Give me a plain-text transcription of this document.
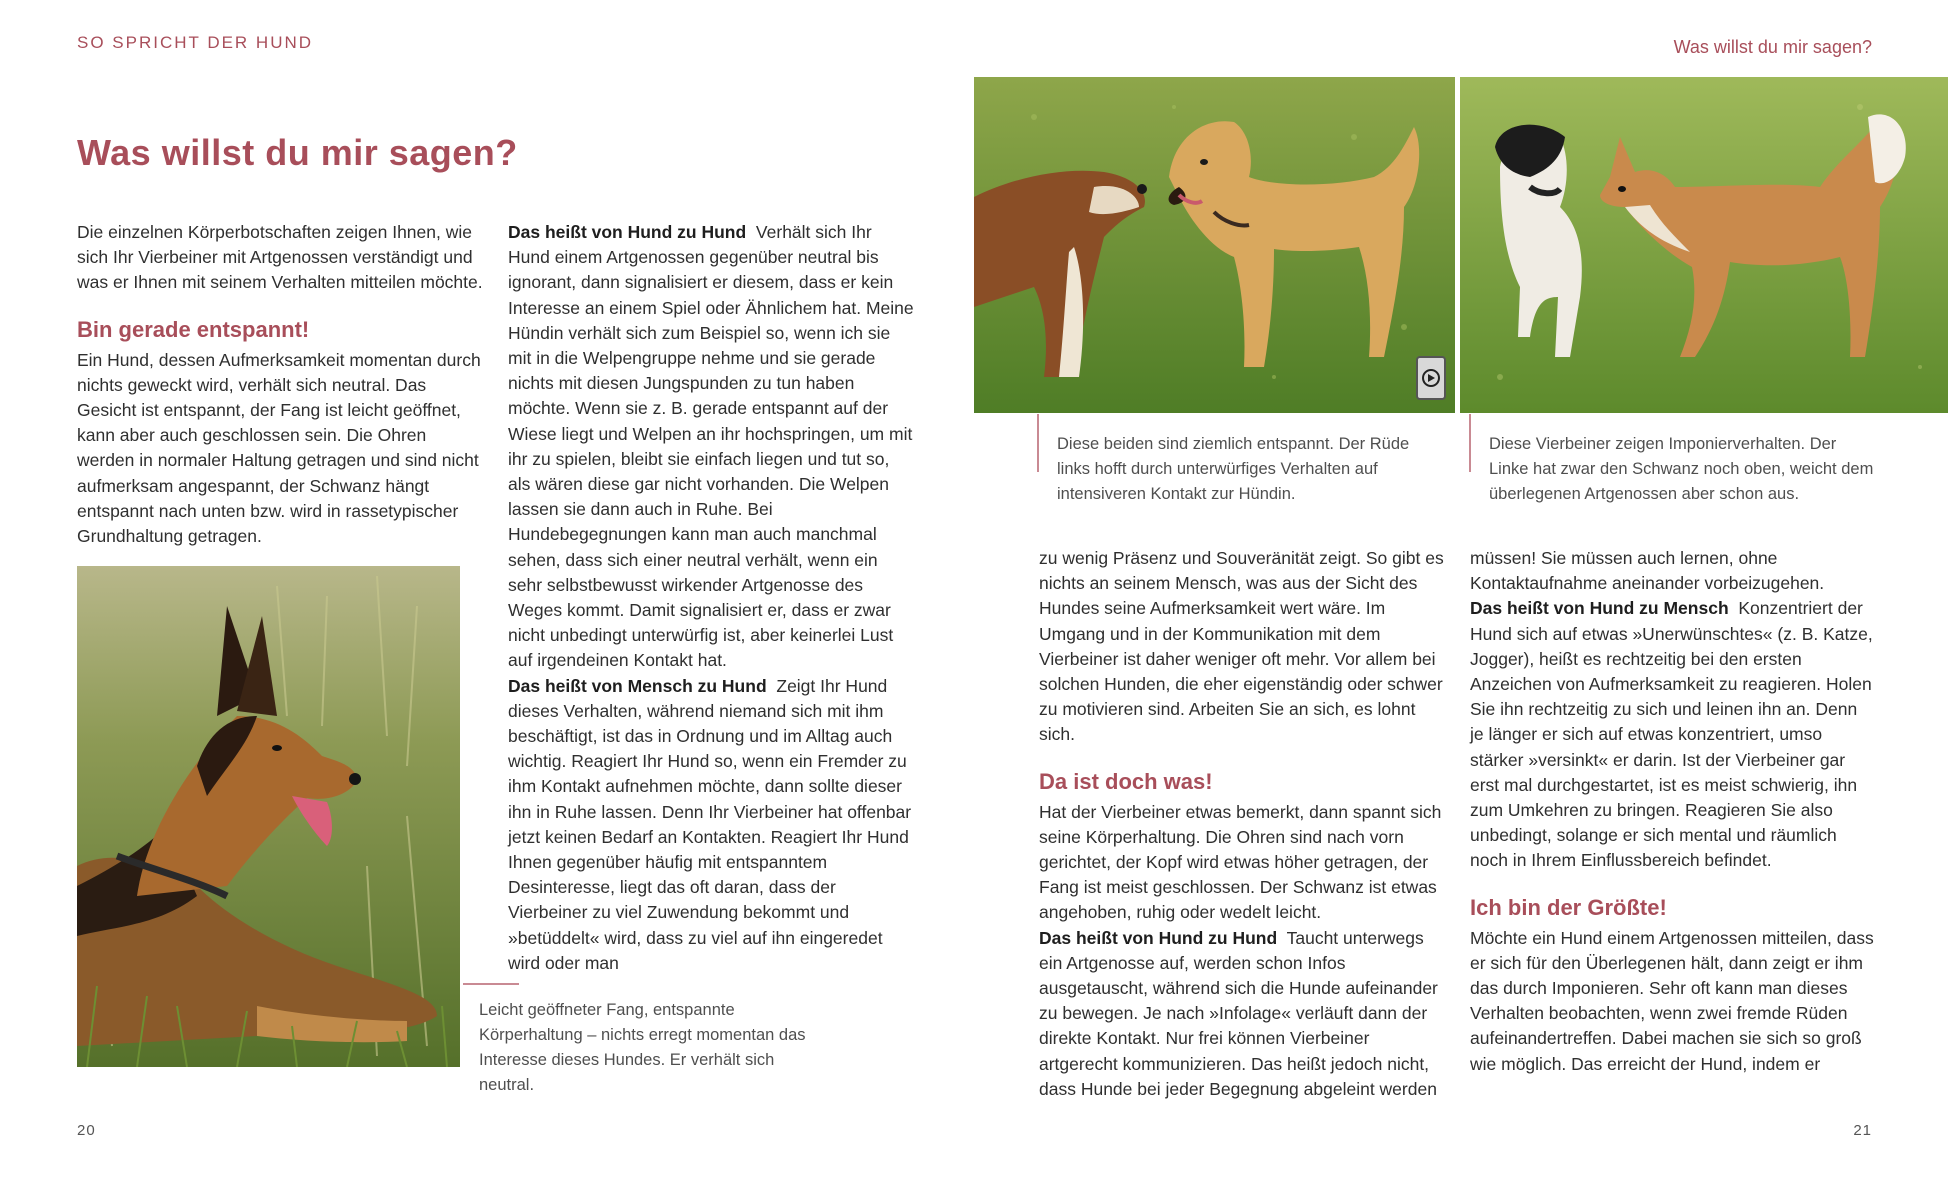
SO SPRICHT DER HUND
Was willst du mir sagen?

Die einzelnen Körperbotschaften zeigen Ihnen, wie sich Ihr Vierbeiner mit Artgenossen verständigt und was er Ihnen mit seinem Verhalten mitteilen möchte.

Bin gerade entspannt!

Ein Hund, dessen Aufmerksamkeit momentan durch nichts geweckt wird, verhält sich neutral. Das Gesicht ist entspannt, der Fang ist leicht geöffnet, kann aber auch geschlossen sein. Die Ohren werden in normaler Haltung getragen und sind nicht aufmerksam angespannt, der Schwanz hängt entspannt nach unten bzw. wird in rassetypischer Grundhaltung getragen.

Leicht geöffneter Fang, entspannte Körperhaltung – nichts erregt momentan das Interesse dieses Hundes. Er verhält sich neutral.

Das heißt von Hund zu Hund Verhält sich Ihr Hund einem Artgenossen gegenüber neutral bis ignorant, dann signalisiert er diesem, dass er kein Interesse an einem Spiel oder Ähnlichem hat. Meine Hündin verhält sich zum Beispiel so, wenn ich sie mit in die Welpengruppe nehme und sie gerade nichts mit diesen Jungspunden zu tun haben möchte. Wenn sie z. B. gerade entspannt auf der Wiese liegt und Welpen an ihr hochspringen, um mit ihr zu spielen, bleibt sie einfach liegen und tut so, als wären diese gar nicht vorhanden. Die Welpen lassen sie dann auch in Ruhe. Bei Hundebegegnungen kann man auch manchmal sehen, dass sich einer neutral verhält, wenn ein sehr selbstbewusst wirkender Artgenosse des Weges kommt. Damit signalisiert er, dass er zwar nicht unbedingt unterwürfig ist, aber keinerlei Lust auf irgendeinen Kontakt hat.

Das heißt von Mensch zu Hund Zeigt Ihr Hund dieses Verhalten, während niemand sich mit ihm beschäftigt, ist das in Ordnung und im Alltag auch wichtig. Reagiert Ihr Hund so, wenn ein Fremder zu ihm Kontakt aufnehmen möchte, dann sollte dieser ihn in Ruhe lassen. Denn Ihr Vierbeiner hat offenbar jetzt keinen Bedarf an Kontakten. Reagiert Ihr Hund Ihnen gegenüber häufig mit entspanntem Desinteresse, liegt das oft daran, dass der Vierbeiner zu viel Zuwendung bekommt und »betüddelt« wird, dass zu viel auf ihn eingeredet wird oder man

20
Was willst du mir sagen?
Diese beiden sind ziemlich entspannt. Der Rüde links hofft durch unterwürfiges Verhalten auf intensiveren Kontakt zur Hündin.
Diese Vierbeiner zeigen Imponierverhalten. Der Linke hat zwar den Schwanz noch oben, weicht dem überlegenen Artgenossen aber schon aus.

zu wenig Präsenz und Souveränität zeigt. So gibt es nichts an seinem Mensch, was aus der Sicht des Hundes seine Aufmerksamkeit wert wäre. Im Umgang und in der Kommunikation mit dem Vierbeiner ist daher weniger oft mehr. Vor allem bei solchen Hunden, die eher eigenständig oder schwer zu motivieren sind. Arbeiten Sie an sich, es lohnt sich.

Da ist doch was!

Hat der Vierbeiner etwas bemerkt, dann spannt sich seine Körperhaltung. Die Ohren sind nach vorn gerichtet, der Kopf wird etwas höher getragen, der Fang ist meist geschlossen. Der Schwanz ist etwas angehoben, ruhig oder wedelt leicht.

Das heißt von Hund zu Hund Taucht unterwegs ein Artgenosse auf, werden schon Infos ausgetauscht, während sich die Hunde aufeinander zu bewegen. Je nach »Infolage« verläuft dann der direkte Kontakt. Nur frei können Vierbeiner artgerecht kommunizieren. Das heißt jedoch nicht, dass Hunde bei jeder Begegnung abgeleint werden

müssen! Sie müssen auch lernen, ohne Kontaktaufnahme aneinander vorbeizugehen.

Das heißt von Hund zu Mensch Konzentriert der Hund sich auf etwas »Unerwünschtes« (z. B. Katze, Jogger), heißt es rechtzeitig bei den ersten Anzeichen von Aufmerksamkeit zu reagieren. Holen Sie ihn rechtzeitig zu sich und leinen ihn an. Denn je länger er sich auf etwas konzentriert, umso stärker »versinkt« er darin. Ist der Vierbeiner gar erst mal durchgestartet, ist es meist schwierig, ihn zum Umkehren zu bringen. Reagieren Sie also unbedingt, solange er sich mental und räumlich noch in Ihrem Einflussbereich befindet.

Ich bin der Größte!

Möchte ein Hund einem Artgenossen mitteilen, dass er sich für den Überlegenen hält, dann zeigt er ihm das durch Imponieren. Sehr oft kann man dieses Verhalten beobachten, wenn zwei fremde Rüden aufeinandertreffen. Dabei machen sie sich so groß wie möglich. Das erreicht der Hund, indem er

21
